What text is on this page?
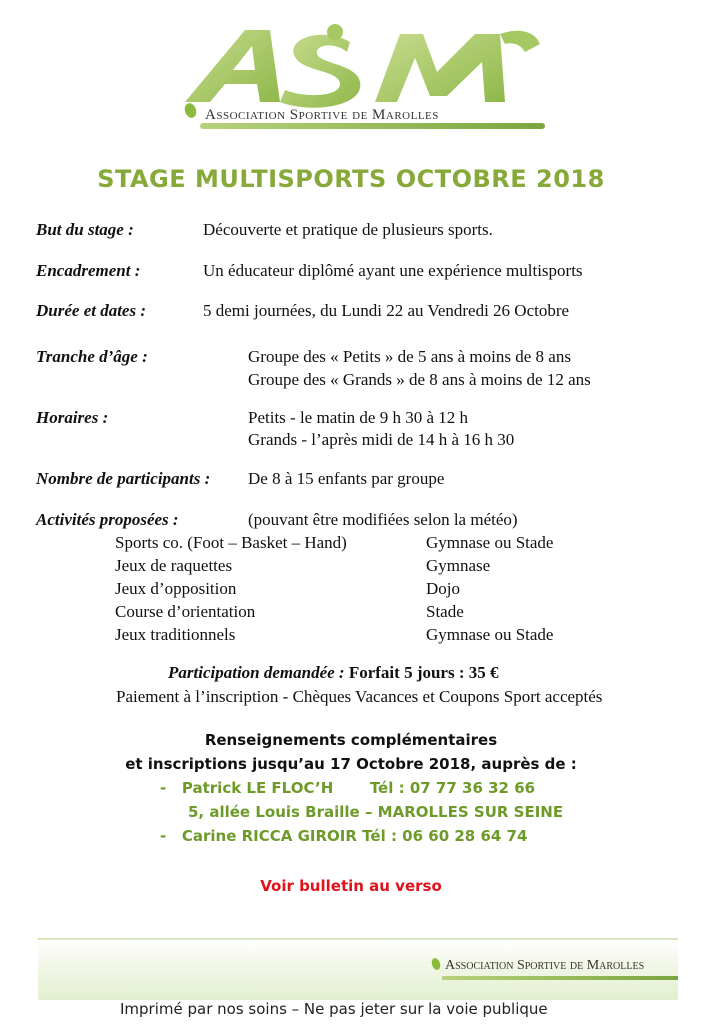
Association Sportive de Marolles
STAGE MULTISPORTS OCTOBRE 2018
But du stage :	Découverte et pratique de plusieurs sports.
Encadrement :	Un éducateur diplômé ayant une expérience multisports
Durée et dates :	5 demi journées, du Lundi 22 au Vendredi 26 Octobre
Tranche d’âge :	Groupe des « Petits » de 5 ans à moins de 8 ans
Groupe des « Grands » de 8 ans à moins de 12 ans
Horaires :	Petits - le matin de 9 h 30 à 12 h
Grands - l’après midi de 14 h à 16 h 30
Nombre de participants : De 8 à 15 enfants par groupe
Activités proposées :	(pouvant être modifiées selon la météo)
Sports co. (Foot – Basket – Hand)	Gymnase ou Stade
Jeux de raquettes	Gymnase
Jeux d’opposition	Dojo
Course d’orientation	Stade
Jeux traditionnels	Gymnase ou Stade
Participation demandée : Forfait 5 jours : 35 €
Paiement à l’inscription - Chèques Vacances et Coupons Sport acceptés
Renseignements complémentaires
et inscriptions jusqu’au 17 Octobre 2018, auprès de :
-   Patrick LE FLOC’H       Tél : 07 77 36 32 66
5, allée Louis Braille – MAROLLES SUR SEINE
-   Carine RICCA GIROIR Tél : 06 60 28 64 74
Voir bulletin au verso
Association Sportive de Marolles
Imprimé par nos soins – Ne pas jeter sur la voie publique
